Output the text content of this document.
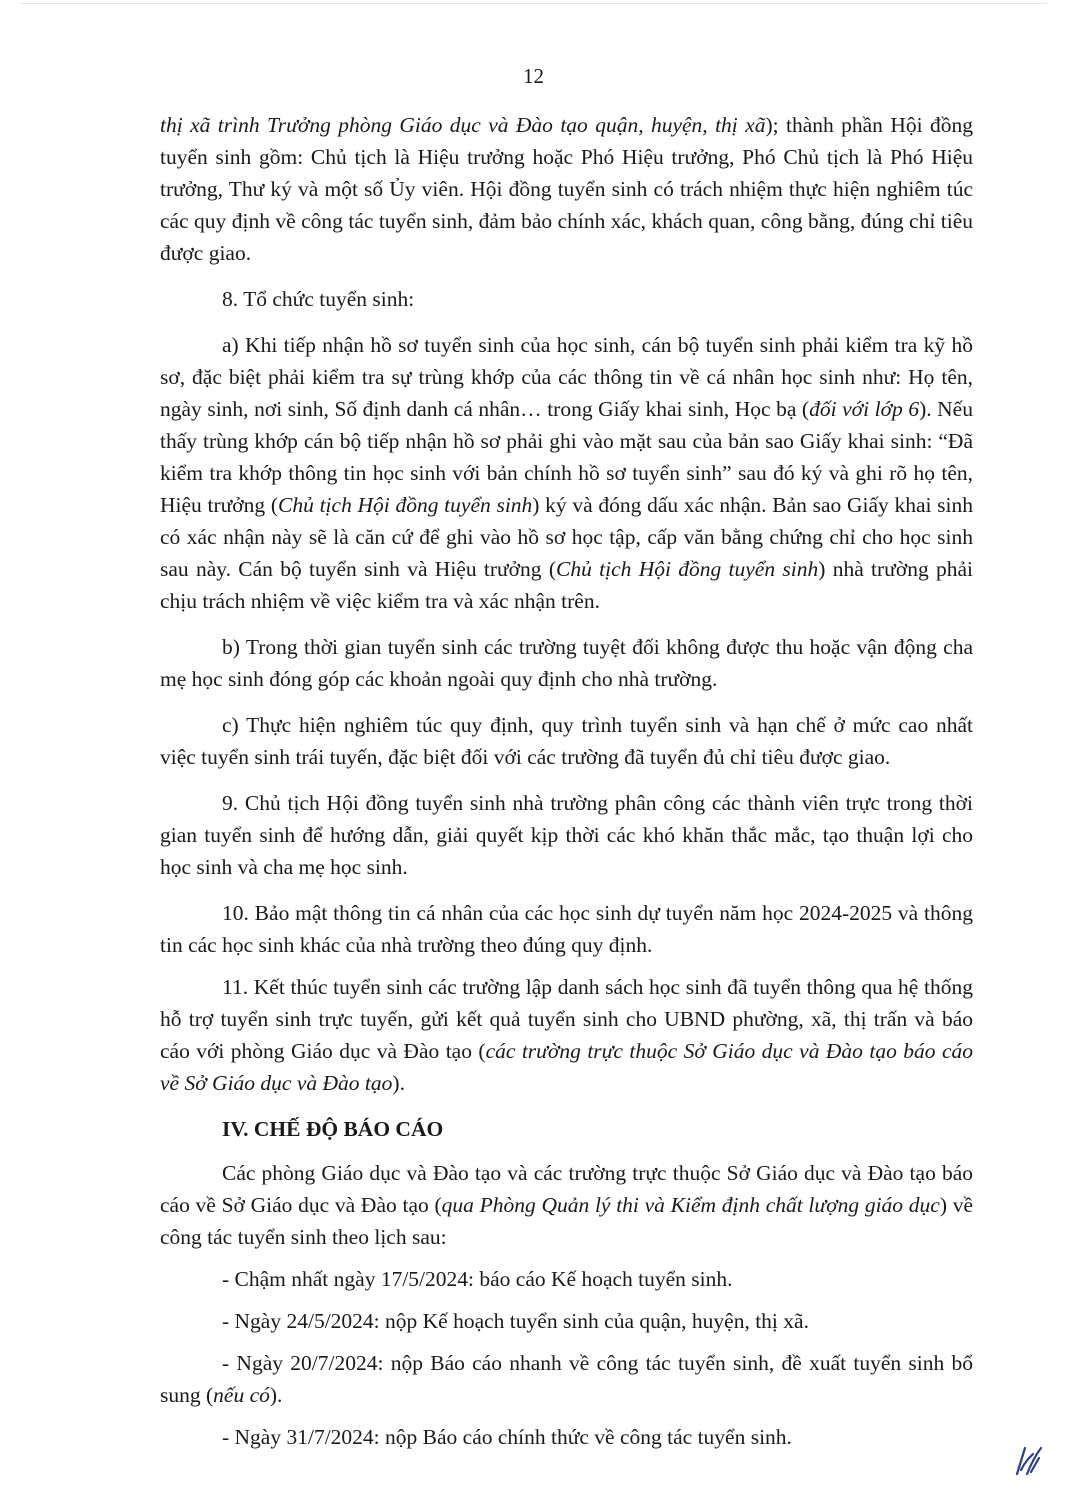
12

thị xã trình Trưởng phòng Giáo dục và Đào tạo quận, huyện, thị xã); thành phần Hội đồng tuyển sinh gồm: Chủ tịch là Hiệu trưởng hoặc Phó Hiệu trưởng, Phó Chủ tịch là Phó Hiệu trưởng, Thư ký và một số Ủy viên. Hội đồng tuyển sinh có trách nhiệm thực hiện nghiêm túc các quy định về công tác tuyển sinh, đảm bảo chính xác, khách quan, công bằng, đúng chỉ tiêu được giao.

8. Tổ chức tuyển sinh:

a) Khi tiếp nhận hồ sơ tuyển sinh của học sinh, cán bộ tuyển sinh phải kiểm tra kỹ hồ sơ, đặc biệt phải kiểm tra sự trùng khớp của các thông tin về cá nhân học sinh như: Họ tên, ngày sinh, nơi sinh, Số định danh cá nhân… trong Giấy khai sinh, Học bạ (đối với lớp 6). Nếu thấy trùng khớp cán bộ tiếp nhận hồ sơ phải ghi vào mặt sau của bản sao Giấy khai sinh: “Đã kiểm tra khớp thông tin học sinh với bản chính hồ sơ tuyển sinh” sau đó ký và ghi rõ họ tên, Hiệu trưởng (Chủ tịch Hội đồng tuyển sinh) ký và đóng dấu xác nhận. Bản sao Giấy khai sinh có xác nhận này sẽ là căn cứ để ghi vào hồ sơ học tập, cấp văn bằng chứng chỉ cho học sinh sau này. Cán bộ tuyển sinh và Hiệu trưởng (Chủ tịch Hội đồng tuyển sinh) nhà trường phải chịu trách nhiệm về việc kiểm tra và xác nhận trên.

b) Trong thời gian tuyển sinh các trường tuyệt đối không được thu hoặc vận động cha mẹ học sinh đóng góp các khoản ngoài quy định cho nhà trường.

c) Thực hiện nghiêm túc quy định, quy trình tuyển sinh và hạn chế ở mức cao nhất việc tuyển sinh trái tuyến, đặc biệt đối với các trường đã tuyển đủ chỉ tiêu được giao.

9. Chủ tịch Hội đồng tuyển sinh nhà trường phân công các thành viên trực trong thời gian tuyển sinh để hướng dẫn, giải quyết kịp thời các khó khăn thắc mắc, tạo thuận lợi cho học sinh và cha mẹ học sinh.

10. Bảo mật thông tin cá nhân của các học sinh dự tuyển năm học 2024-2025 và thông tin các học sinh khác của nhà trường theo đúng quy định.

11. Kết thúc tuyển sinh các trường lập danh sách học sinh đã tuyển thông qua hệ thống hỗ trợ tuyển sinh trực tuyến, gửi kết quả tuyển sinh cho UBND phường, xã, thị trấn và báo cáo với phòng Giáo dục và Đào tạo (các trường trực thuộc Sở Giáo dục và Đào tạo báo cáo về Sở Giáo dục và Đào tạo).

IV. CHẾ ĐỘ BÁO CÁO

Các phòng Giáo dục và Đào tạo và các trường trực thuộc Sở Giáo dục và Đào tạo báo cáo về Sở Giáo dục và Đào tạo (qua Phòng Quản lý thi và Kiểm định chất lượng giáo dục) về công tác tuyển sinh theo lịch sau:

- Chậm nhất ngày 17/5/2024: báo cáo Kế hoạch tuyển sinh.

- Ngày 24/5/2024: nộp Kế hoạch tuyển sinh của quận, huyện, thị xã.

- Ngày 20/7/2024: nộp Báo cáo nhanh về công tác tuyển sinh, đề xuất tuyển sinh bổ sung (nếu có).

- Ngày 31/7/2024: nộp Báo cáo chính thức về công tác tuyển sinh.
